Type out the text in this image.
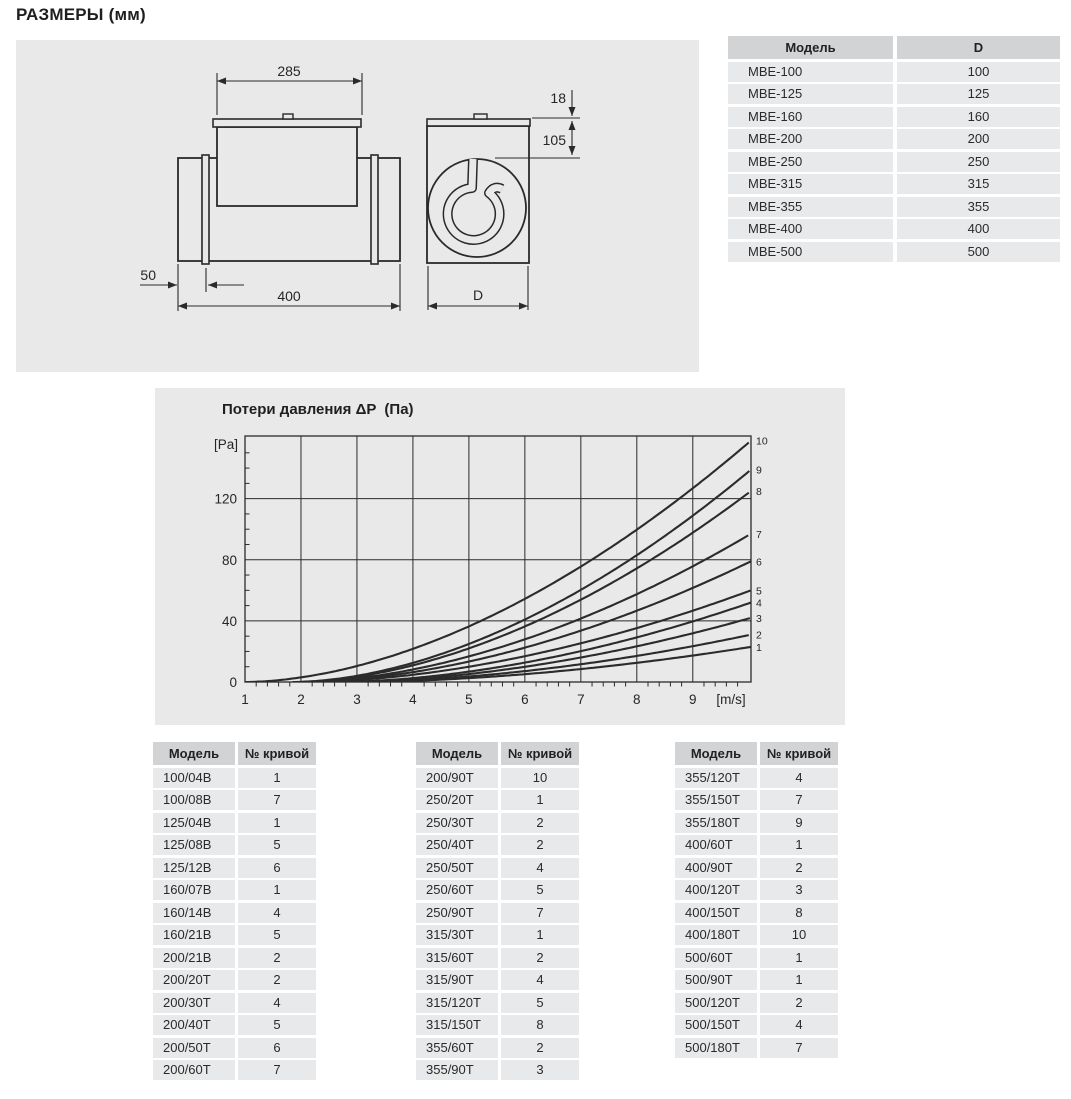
РАЗМЕРЫ (мм)
285
50
400
18
105
D
Модель	D
МВЕ-100	100
МВЕ-125	125
МВЕ-160	160
МВЕ-200	200
МВЕ-250	250
МВЕ-315	315
МВЕ-355	355
МВЕ-400	400
МВЕ-500	500
1
2
3
4
5
6
7
8
9
10
1	2	3	4	5	6	7	8	9
0
40
80
120
[Pa]
[m/s]
Потери давления ΔP  (Па)
Модель	№ кривой
100/04B	1
100/08B	7
125/04B	1
125/08B	5
125/12B	6
160/07B	1
160/14B	4
160/21B	5
200/21B	2
200/20T	2
200/30T	4
200/40T	5
200/50T	6
200/60T	7
Модель	№ кривой
200/90T	10
250/20T	1
250/30T	2
250/40T	2
250/50T	4
250/60T	5
250/90T	7
315/30T	1
315/60T	2
315/90T	4
315/120T	5
315/150T	8
355/60T	2
355/90T	3
Модель	№ кривой
355/120T	4
355/150T	7
355/180T	9
400/60T	1
400/90T	2
400/120T	3
400/150T	8
400/180T	10
500/60T	1
500/90T	1
500/120T	2
500/150T	4
500/180T	7
